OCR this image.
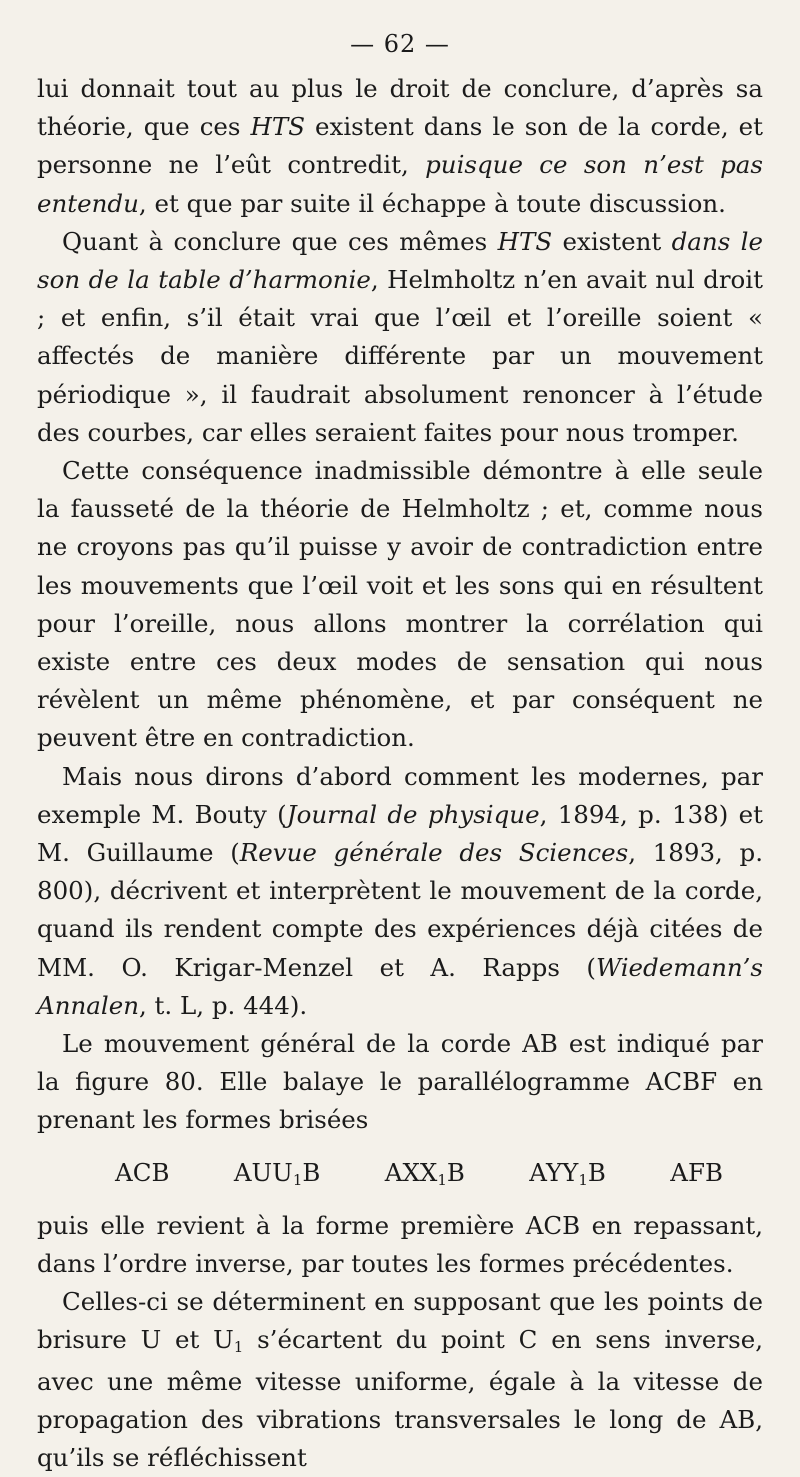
— 62 —

lui donnait tout au plus le droit de conclure, d’après sa théorie, que ces HTS existent dans le son de la corde, et personne ne l’eût contredit, puisque ce son n’est pas entendu, et que par suite il échappe à toute discussion.

Quant à conclure que ces mêmes HTS existent dans le son de la table d’harmonie, Helmholtz n’en avait nul droit ; et enfin, s’il était vrai que l’œil et l’oreille soient « affectés de manière différente par un mouvement périodique », il faudrait absolument renoncer à l’étude des courbes, car elles seraient faites pour nous tromper.

Cette conséquence inadmissible démontre à elle seule la fausseté de la théorie de Helmholtz ; et, comme nous ne croyons pas qu’il puisse y avoir de contradiction entre les mouvements que l’œil voit et les sons qui en résultent pour l’oreille, nous allons montrer la corrélation qui existe entre ces deux modes de sensation qui nous révèlent un même phénomène, et par conséquent ne peuvent être en contradiction.

Mais nous dirons d’abord comment les modernes, par exemple M. Bouty (Journal de physique, 1894, p. 138) et M. Guillaume (Revue générale des Sciences, 1893, p. 800), décrivent et interprètent le mouvement de la corde, quand ils rendent compte des expériences déjà citées de MM. O. Krigar-Menzel et A. Rapps (Wiedemann’s Annalen, t. L, p. 444).

Le mouvement général de la corde AB est indiqué par la figure 80. Elle balaye le parallélogramme ACBF en prenant les formes brisées

ACB	$AUU_1B$	$AXX_1B$	$AYY_1B$	AFB

puis elle revient à la forme première ACB en repassant, dans l’ordre inverse, par toutes les formes précédentes.

Celles-ci se déterminent en supposant que les points de brisure U et $U_1$ s’écartent du point C en sens inverse, avec une même vitesse uniforme, égale à la vitesse de propagation des vibrations transversales le long de AB, qu’ils se réfléchissent
